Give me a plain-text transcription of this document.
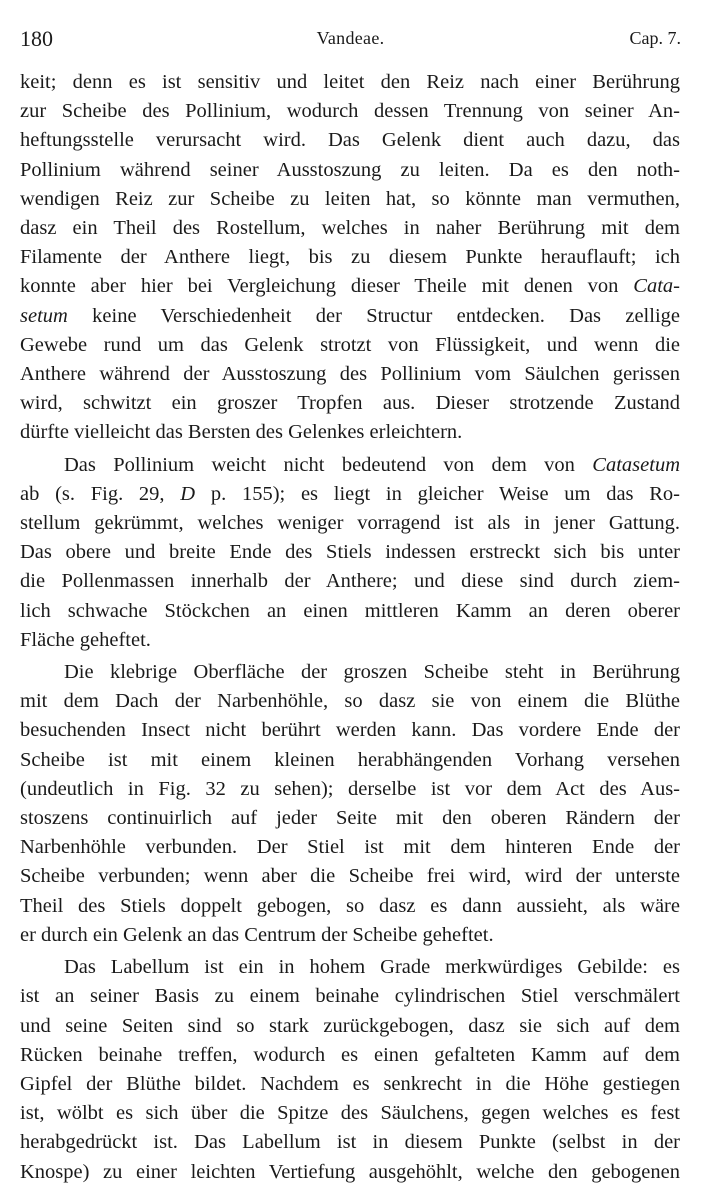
180	Vandeae.	Cap. 7.

keit; denn es ist sensitiv und leitet den Reiz nach einer Berührung
zur Scheibe des Pollinium, wodurch dessen Trennung von seiner An-
heftungsstelle verursacht wird. Das Gelenk dient auch dazu, das
Pollinium während seiner Ausstoszung zu leiten. Da es den noth-
wendigen Reiz zur Scheibe zu leiten hat, so könnte man vermuthen,
dasz ein Theil des Rostellum, welches in naher Berührung mit dem
Filamente der Anthere liegt, bis zu diesem Punkte herauflauft; ich
konnte aber hier bei Vergleichung dieser Theile mit denen von Cata-
setum keine Verschiedenheit der Structur entdecken. Das zellige
Gewebe rund um das Gelenk strotzt von Flüssigkeit, und wenn die
Anthere während der Ausstoszung des Pollinium vom Säulchen gerissen
wird, schwitzt ein groszer Tropfen aus. Dieser strotzende Zustand
dürfte vielleicht das Bersten des Gelenkes erleichtern.

Das Pollinium weicht nicht bedeutend von dem von Catasetum
ab (s. Fig. 29, D p. 155); es liegt in gleicher Weise um das Ro-
stellum gekrümmt, welches weniger vorragend ist als in jener Gattung.
Das obere und breite Ende des Stiels indessen erstreckt sich bis unter
die Pollenmassen innerhalb der Anthere; und diese sind durch ziem-
lich schwache Stöckchen an einen mittleren Kamm an deren oberer
Fläche geheftet.

Die klebrige Oberfläche der groszen Scheibe steht in Berührung
mit dem Dach der Narbenhöhle, so dasz sie von einem die Blüthe
besuchenden Insect nicht berührt werden kann. Das vordere Ende der
Scheibe ist mit einem kleinen herabhängenden Vorhang versehen
(undeutlich in Fig. 32 zu sehen); derselbe ist vor dem Act des Aus-
stoszens continuirlich auf jeder Seite mit den oberen Rändern der
Narbenhöhle verbunden. Der Stiel ist mit dem hinteren Ende der
Scheibe verbunden; wenn aber die Scheibe frei wird, wird der unterste
Theil des Stiels doppelt gebogen, so dasz es dann aussieht, als wäre
er durch ein Gelenk an das Centrum der Scheibe geheftet.

Das Labellum ist ein in hohem Grade merkwürdiges Gebilde: es
ist an seiner Basis zu einem beinahe cylindrischen Stiel verschmälert
und seine Seiten sind so stark zurückgebogen, dasz sie sich auf dem
Rücken beinahe treffen, wodurch es einen gefalteten Kamm auf dem
Gipfel der Blüthe bildet. Nachdem es senkrecht in die Höhe gestiegen
ist, wölbt es sich über die Spitze des Säulchens, gegen welches es fest
herabgedrückt ist. Das Labellum ist in diesem Punkte (selbst in der
Knospe) zu einer leichten Vertiefung ausgehöhlt, welche den gebogenen
